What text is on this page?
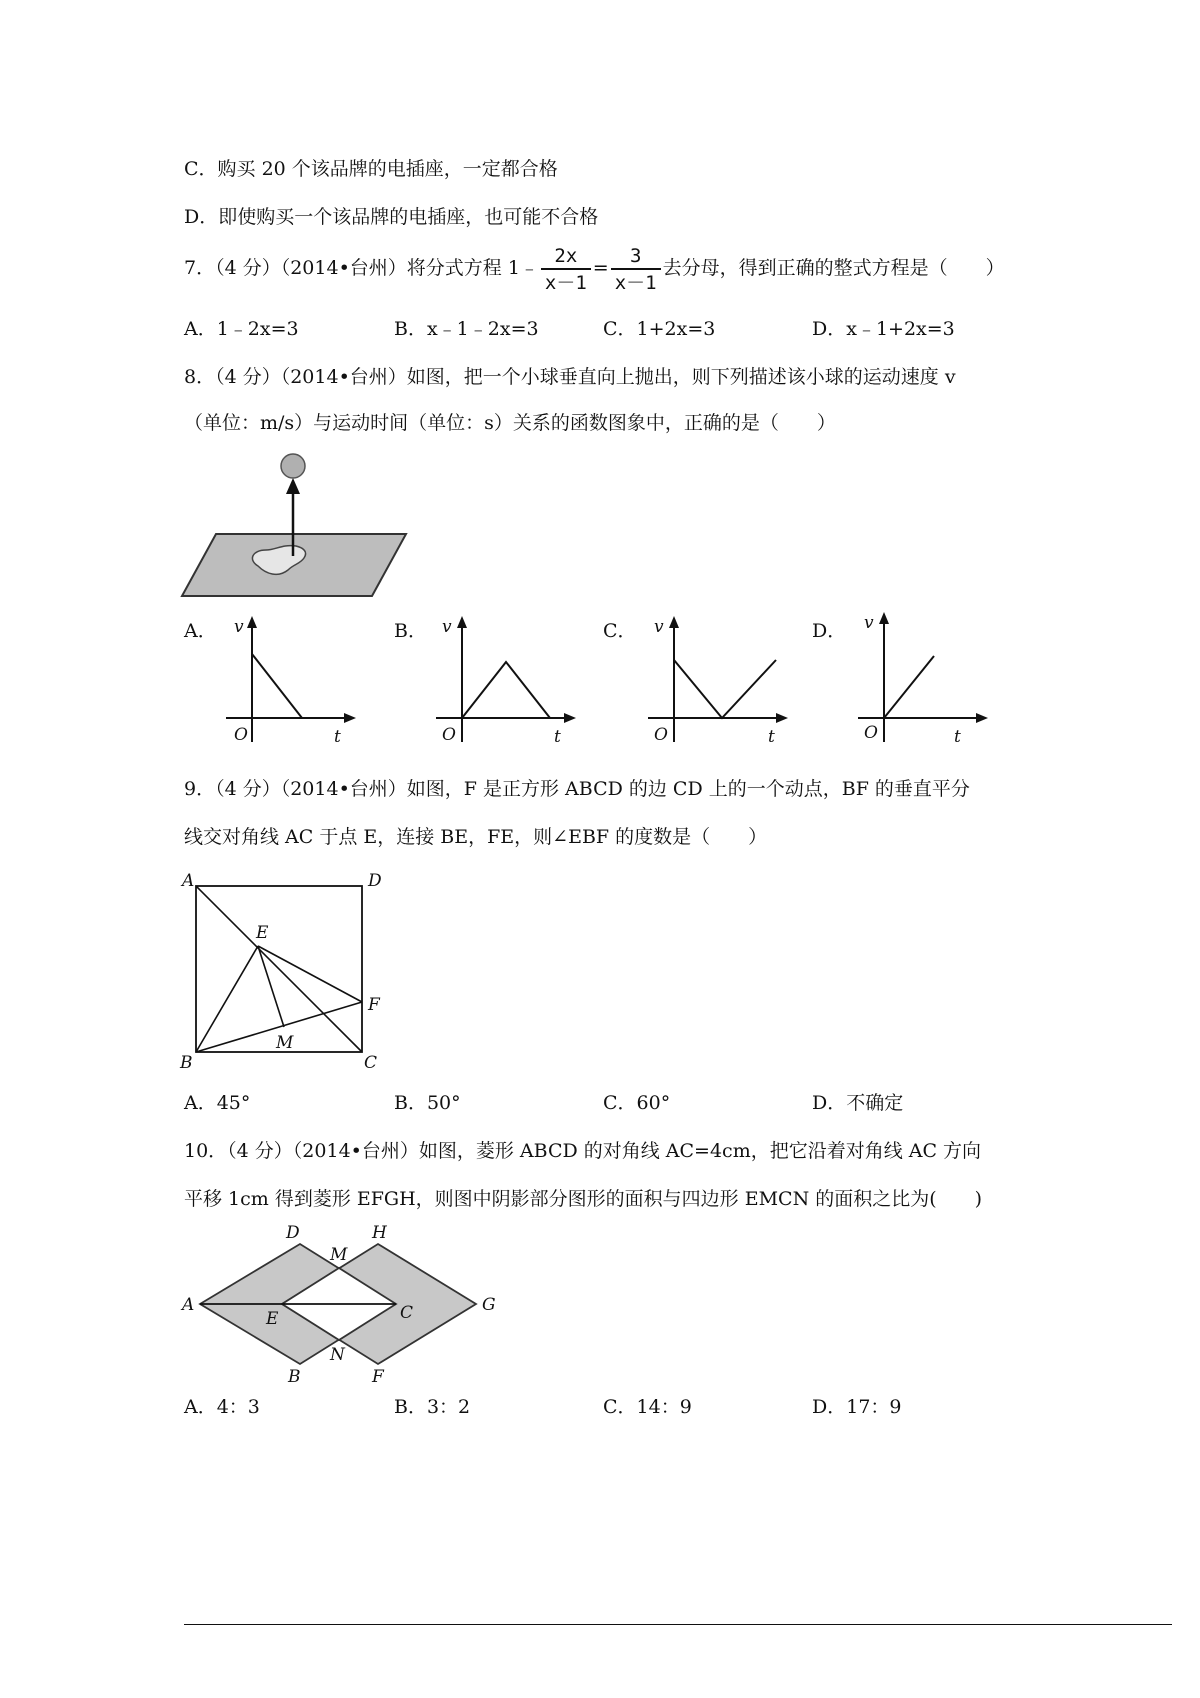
C．购买 20 个该品牌的电插座，一定都合格
D．即使购买一个该品牌的电插座，也可能不合格
7．（4 分）（2014•台州）将分式方程 1﹣ $\frac{2x}{x-1} = \frac{3}{x-1}$ 去分母，得到正确的整式方程是（　　）
A．1﹣2x=3	B．x﹣1﹣2x=3	C．1+2x=3	D．x﹣1+2x=3
8．（4 分）（2014•台州）如图，把一个小球垂直向上抛出，则下列描述该小球的运动速度 v
（单位：m/s）与运动时间（单位：s）关系的函数图象中，正确的是（　　）
A．	B．	C．	D．
v
O	t
v
O	t
v
O	t
v
O	t
9．（4 分）（2014•台州）如图，F 是正方形 ABCD 的边 CD 上的一个动点，BF 的垂直平分
线交对角线 AC 于点 E，连接 BE，FE，则∠EBF 的度数是（　　）
A	D
E
F
B
M
C
A．45°	B．50°	C．60°	D．不确定
10．（4 分）（2014•台州）如图，菱形 ABCD 的对角线 AC=4cm，把它沿着对角线 AC 方向
平移 1cm 得到菱形 EFGH，则图中阴影部分图形的面积与四边形 EMCN 的面积之比为(　　)
D
M
H
A
E	C	G
B
N
F
A．4：3	B．3：2	C．14：9	D．17：9
